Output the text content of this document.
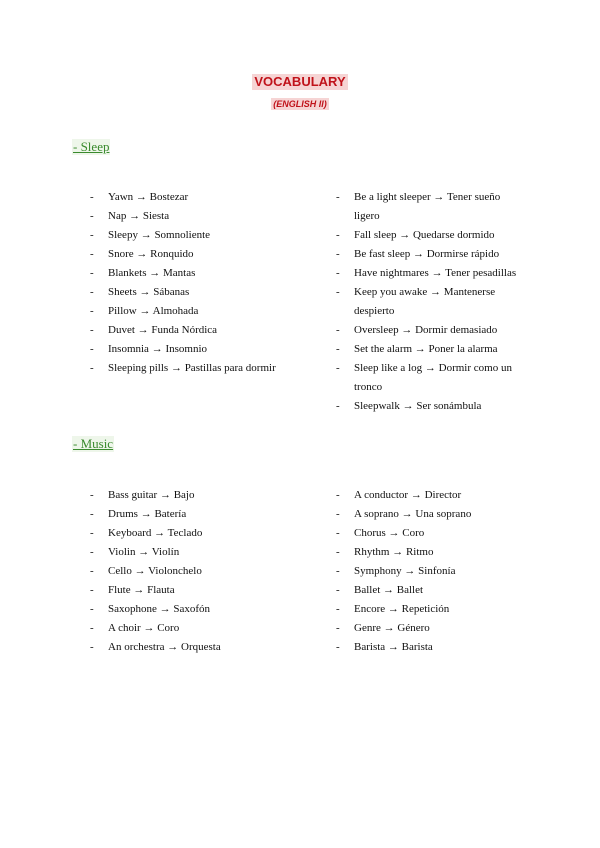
VOCABULARY
(ENGLISH II)
- Sleep
- Yawn → Bostezar
- Nap → Siesta
- Sleepy → Somnoliente
- Snore → Ronquido
- Blankets → Mantas
- Sheets → Sábanas
- Pillow → Almohada
- Duvet → Funda Nórdica
- Insomnia → Insomnio
- Sleeping pills → Pastillas para dormir
- Be a light sleeper → Tener sueño ligero
- Fall sleep → Quedarse dormido
- Be fast sleep → Dormirse rápido
- Have nightmares → Tener pesadillas
- Keep you awake → Mantenerse despierto
- Oversleep → Dormir demasiado
- Set the alarm → Poner la alarma
- Sleep like a log → Dormir como un tronco
- Sleepwalk → Ser sonámbula
- Music
- Bass guitar → Bajo
- Drums → Batería
- Keyboard → Teclado
- Violin → Violín
- Cello → Violonchelo
- Flute → Flauta
- Saxophone → Saxofón
- A choir → Coro
- An orchestra → Orquesta
- A conductor → Director
- A soprano → Una soprano
- Chorus → Coro
- Rhythm → Ritmo
- Symphony → Sinfonía
- Ballet → Ballet
- Encore → Repetición
- Genre → Género
- Barista → Barista
